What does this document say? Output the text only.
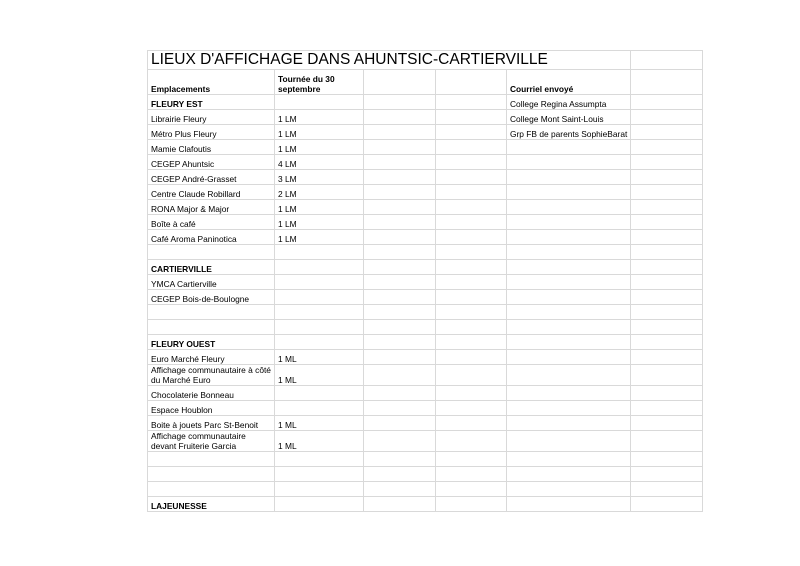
LIEUX D'AFFICHAGE DANS AHUNTSIC-CARTIERVILLE					
Emplacements	Tournée du 30 septembre			Courriel envoyé	
FLEURY EST				College Regina Assumpta	
Librairie Fleury	1 LM			College Mont Saint-Louis	
Métro Plus Fleury	1 LM			Grp FB de parents SophieBarat	
Mamie Clafoutis	1 LM				
CEGEP Ahuntsic	4 LM				
CEGEP André-Grasset	3 LM				
Centre Claude Robillard	2 LM				
RONA Major & Major	1 LM				
Boîte à café	1 LM				
Café Aroma Paninotica	1 LM				

CARTIERVILLE					
YMCA Cartierville					
CEGEP Bois-de-Boulogne					

FLEURY OUEST					
Euro Marché Fleury	1 ML				
Affichage communautaire à côté du Marché Euro	1 ML				
Chocolaterie Bonneau					
Espace Houblon					
Boite à jouets Parc St-Benoit	1 ML				
Affichage communautaire devant Fruiterie Garcia	1 ML				

LAJEUNESSE					
